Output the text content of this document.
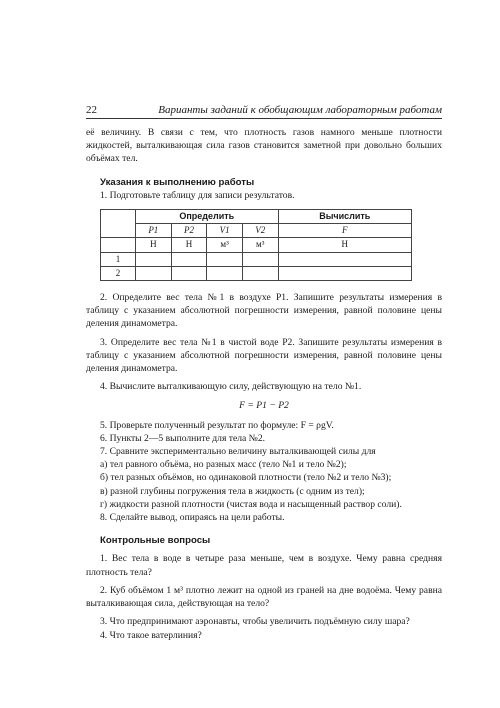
22	Варианты заданий к обобщающим лабораторным работам

её величину. В связи с тем, что плотность газов намного меньше плотности жидкостей, выталкивающая сила газов становится заметной при довольно больших объёмах тел.

Указания к выполнению работы

1. Подготовьте таблицу для записи результатов.

	Определить				Вычислить
	P1	P2	V1	V2	F
	Н	Н	м³	м³	Н
1					
2					

2. Определите вес тела №1 в воздухе P1. Запишите результаты измерения в таблицу с указанием абсолютной погрешности измерения, равной половине цены деления динамометра.

3. Определите вес тела №1 в чистой воде P2. Запишите результаты измерения в таблицу с указанием абсолютной погрешности измерения, равной половине цены деления динамометра.

4. Вычислите выталкивающую силу, действующую на тело №1.

F = P1 − P2

5. Проверьте полученный результат по формуле: F = ρgV.

6. Пункты 2—5 выполните для тела №2.

7. Сравните экспериментально величину выталкивающей силы для

а) тел равного объёма, но разных масс (тело №1 и тело №2);

б) тел разных объёмов, но одинаковой плотности (тело №2 и тело №3);

в) разной глубины погружения тела в жидкость (с одним из тел);

г) жидкости разной плотности (чистая вода и насыщенный раствор соли).

8. Сделайте вывод, опираясь на цели работы.

Контрольные вопросы

1. Вес тела в воде в четыре раза меньше, чем в воздухе. Чему равна средняя плотность тела?

2. Куб объёмом 1 м³ плотно лежит на одной из граней на дне водоёма. Чему равна выталкивающая сила, действующая на тело?

3. Что предпринимают аэронавты, чтобы увеличить подъёмную силу шара?

4. Что такое ватерлиния?
